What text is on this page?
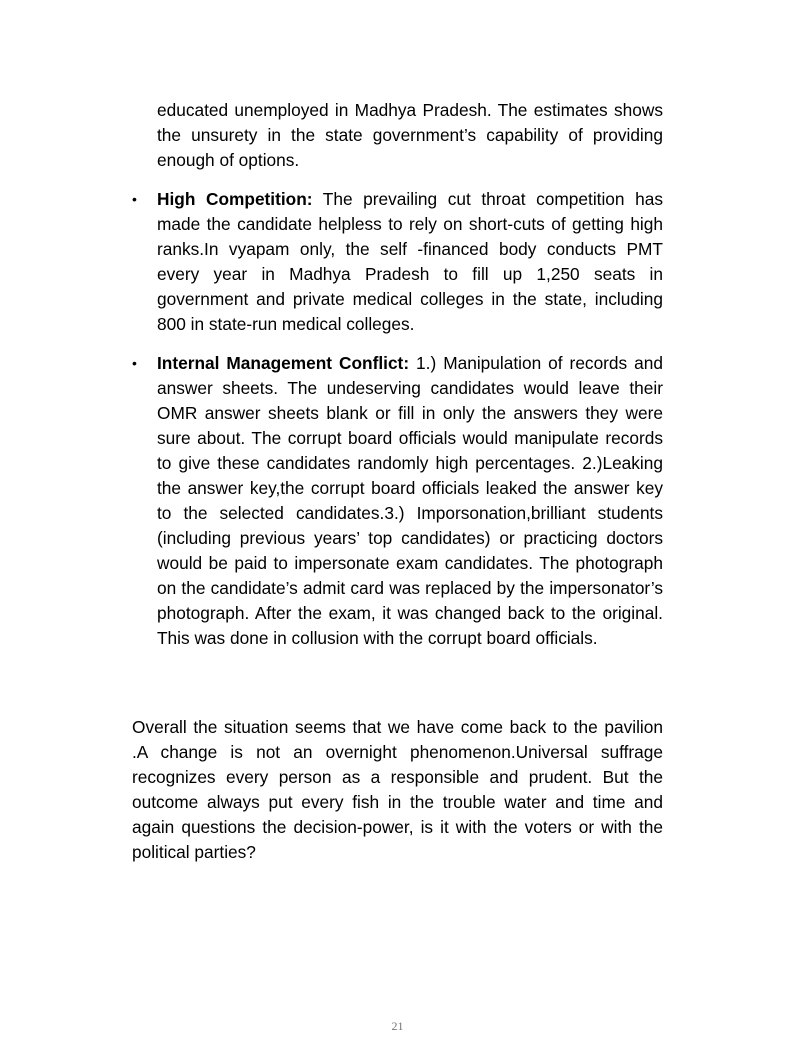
educated unemployed in Madhya Pradesh. The estimates shows the unsurety in the state government’s capability of providing enough of options.
•	High Competition: The prevailing cut throat competition has made the candidate helpless to rely on short-cuts of getting high ranks.In vyapam only, the self -financed body conducts PMT every year in Madhya Pradesh to fill up 1,250 seats in government and private medical colleges in the state, including 800 in state-run medical colleges.
•	Internal Management Conflict: 1.) Manipulation of records and answer sheets. The undeserving candidates would leave their OMR answer sheets blank or fill in only the answers they were sure about. The corrupt board officials would manipulate records to give these candidates randomly high percentages. 2.)Leaking the answer key,the corrupt board officials leaked the answer key to the selected candidates.3.) Imporsonation,brilliant students (including previous years’ top candidates) or practicing doctors would be paid to impersonate exam candidates. The photograph on the candidate’s admit card was replaced by the impersonator’s photograph. After the exam, it was changed back to the original. This was done in collusion with the corrupt board officials.
Overall the situation seems that we have come back to the pavilion .A change is not an overnight phenomenon.Universal suffrage recognizes every person as a responsible and prudent. But the outcome always put every fish in the trouble water and time and again questions the decision-power, is it with the voters or with the political parties?
21
